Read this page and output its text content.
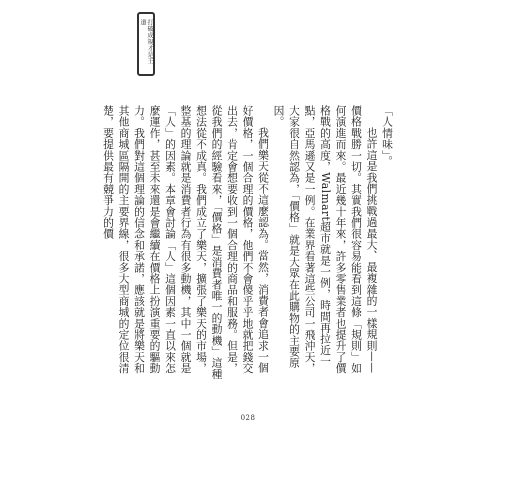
打破成規才是王道

「人情味」。

也許這是我們挑戰過最大、最複雜的一樣規則——價格戰勝一切。其實我們很容易能看到這條「規則」如何演進而來。最近幾十年來，許多零售業者也提升了價格戰的高度，Walmart超市就是一例，時間再拉近一點，亞馬遜又是一例。在業界看著這些公司一飛沖天，大家很自然認為，「價格」就是大眾在此購物的主要原因。

我們樂天從不這麼認為。當然，消費者會追求一個好價格，一個合理的價格，他們不會傻乎乎地就把錢交出去，肯定會想要收到一個合理的商品和服務。但是，從我們的經驗看來，「價格」是消費者唯一的動機」這種想法從不成真。我們成立了樂天，擴張了樂天的市場，整基的理論就是消費者行為有很多動機，其中一個就是「人」的因素。本章會討論「人」這個因素一直以來怎麼運作，甚至未來還是會繼續在價格上扮演重要的驅動力。我們對這個理論的信念和承諾，應該就是將樂天和其他商城區隔開的主要界線，很多大型商城的定位很清楚，要提供最有競爭力的價

028
